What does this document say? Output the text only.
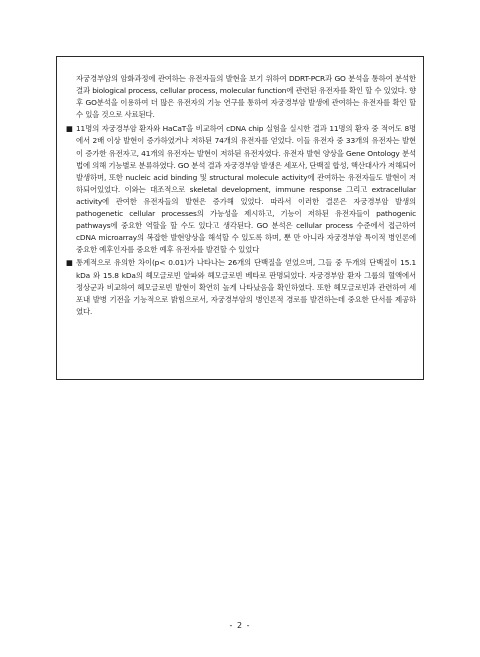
자궁경부암의 암화과정에 관여하는 유전자들의 발현을 보기 위하여 DDRT-PCR과 GO 분석을 통하여 분석한 결과 biological process, cellular process, molecular function에 관련된 유전자를 확인 할 수 있었다. 향후 GO분석을 이용하여 더 많은 유전자의 기능 연구를 통하여 자궁경부암 발생에 관여하는 유전자를 확인 할 수 있을 것으로 사료된다.

■ 11명의 자궁경부암 환자와 HaCaT을 비교하여 cDNA chip 실험을 실시한 결과 11명의 환자 중 적어도 8명에서 2배 이상 발현이 증가하였거나 저하된 74개의 유전자를 얻었다. 이들 유전자 중 33개의 유전자는 발현이 증가한 유전자고, 41개의 유전자는 발현이 저하된 유전자였다. 유전자 발현 양상을 Gene Ontology 분석법에 의해 기능별로 분류하였다. GO 분석 결과 자궁경부암 발생은 세포사, 단백질 합성, 핵산대사가 저해되어 발생하며, 또한 nucleic acid binding 및 structural molecule activity에 관여하는 유전자들도 발현이 저하되어있었다. 이와는 대조적으로 skeletal development, immune response 그리고 extracellular activity에 관여한 유전자들의 발현은 증가해 있었다. 따라서 이러한 결론은 자궁경부암 발생의 pathogenetic cellular processes의 가능성을 제시하고, 기능이 저하된 유전자들이 pathogenic pathways에 중요한 역할을 할 수도 있다고 생각된다. GO 분석은 cellular process 수준에서 접근하여 cDNA microarray의 복잡한 발현양상을 해석할 수 있도록 하며, 뿐 만 아니라 자궁경부암 특이적 병인론에 중요한 예후인자를 중요한 예후 유전자를 발견할 수 있었다

■ 통계적으로 유의한 차이(p< 0.01)가 나타나는 26개의 단백질을 얻었으며, 그들 중 두개의 단백질이 15.1 kDa 와 15.8 kDa의 헤모글로빈 알파와 헤모글로빈 베타로 판명되었다. 자궁경부암 환자 그룹의 혈액에서 정상군과 비교하여 헤모글로빈 발현이 확연히 높게 나타났음을 확인하였다. 또한 헤모글로빈과 관련하여 세포내 발병 기전을 기능적으로 밝힘으로서, 자궁경부암의 병인론적 경로를 발견하는데 중요한 단서를 제공하였다.

- 2 -
